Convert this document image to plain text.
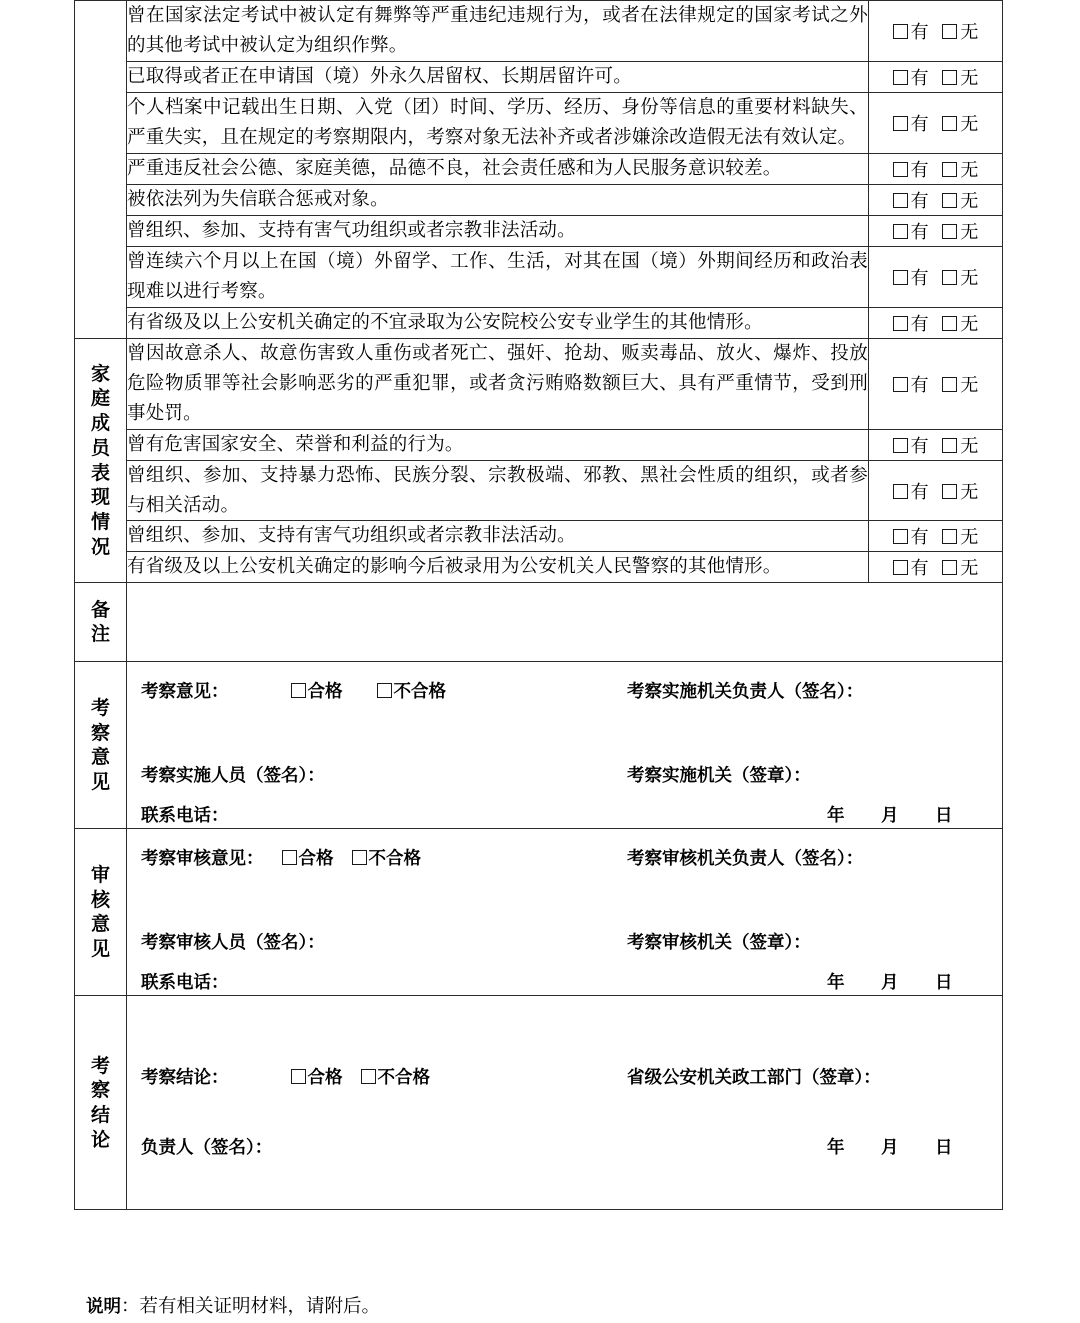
	曾在国家法定考试中被认定有舞弊等严重违纪违规行为，或者在法律规定的国家考试之外的其他考试中被认定为组织作弊。	有 无
	已取得或者正在申请国（境）外永久居留权、长期居留许可。	有 无
	个人档案中记载出生日期、入党（团）时间、学历、经历、身份等信息的重要材料缺失、严重失实，且在规定的考察期限内，考察对象无法补齐或者涉嫌涂改造假无法有效认定。	有 无
	严重违反社会公德、家庭美德，品德不良，社会责任感和为人民服务意识较差。	有 无
	被依法列为失信联合惩戒对象。	有 无
	曾组织、参加、支持有害气功组织或者宗教非法活动。	有 无
	曾连续六个月以上在国（境）外留学、工作、生活，对其在国（境）外期间经历和政治表现难以进行考察。	有 无
	有省级及以上公安机关确定的不宜录取为公安院校公安专业学生的其他情形。	有 无

家
庭
成
员
表
现
情
况
	曾因故意杀人、故意伤害致人重伤或者死亡、强奸、抢劫、贩卖毒品、放火、爆炸、投放危险物质罪等社会影响恶劣的严重犯罪，或者贪污贿赂数额巨大、具有严重情节，受到刑事处罚。	有 无
	曾有危害国家安全、荣誉和利益的行为。	有 无
	曾组织、参加、支持暴力恐怖、民族分裂、宗教极端、邪教、黑社会性质的组织，或者参与相关活动。	有 无
	曾组织、参加、支持有害气功组织或者宗教非法活动。	有 无
	有省级及以上公安机关确定的影响今后被录用为公安机关人民警察的其他情形。	有 无

备
注		

考
察
意
见

考察意见：	合格	不合格	考察实施机关负责人（签名）：
考察实施人员（签名）：	考察实施机关（签章）：
联系电话：	年 月 日

审
核
意
见

考察审核意见： 合格 不合格	考察审核机关负责人（签名）：
考察审核人员（签名）：	考察审核机关（签章）：
联系电话：	年 月 日

考
察
结
论

考察结论：	合格 不合格	省级公安机关政工部门（签章）：
负责人（签名）：	年 月 日
说明：若有相关证明材料，请附后。
